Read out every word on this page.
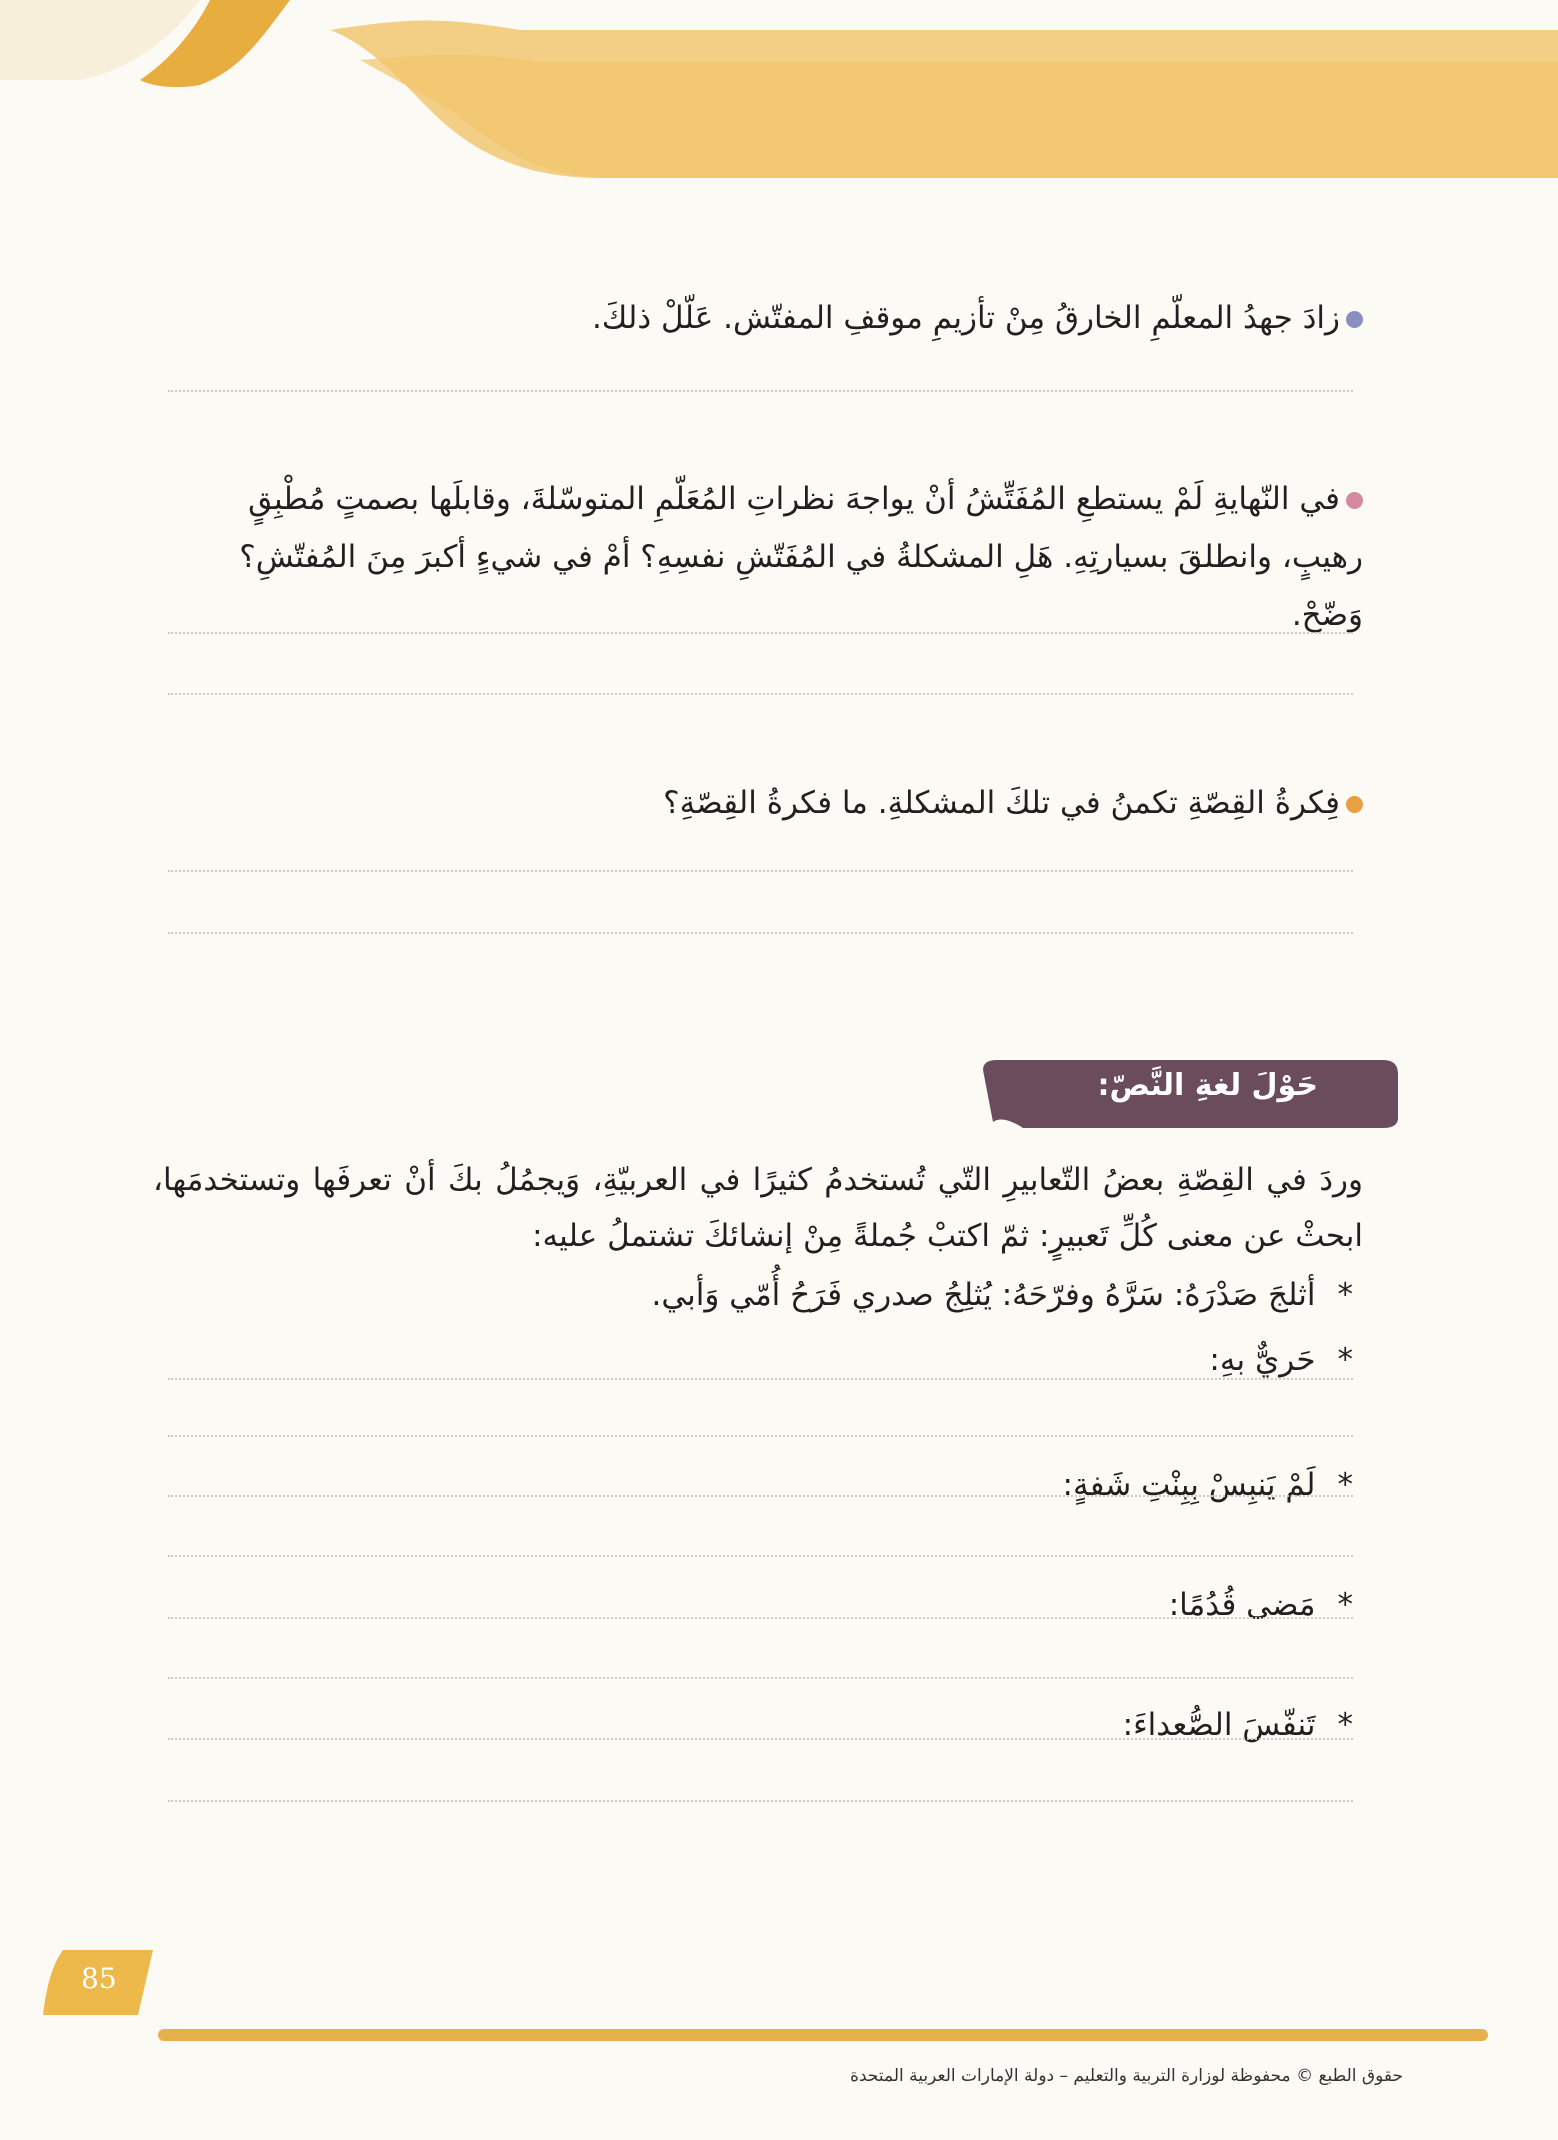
زادَ جهدُ المعلّمِ الخارقُ مِنْ تأزيمِ موقفِ المفتّش. عَلّلْ ذلكَ.
في النّهايةِ لَمْ يستطعِ المُفَتِّشُ أنْ يواجهَ نظراتِ المُعَلّمِ المتوسّلةَ، وقابلَها بصمتٍ مُطْبِقٍ رهيبٍ، وانطلقَ بسيارتِهِ. هَلِ المشكلةُ في المُفَتّشِ نفسِهِ؟ أمْ في شيءٍ أكبرَ مِنَ المُفتّشِ؟ وَضّحْ.
فِكرةُ القِصّةِ تكمنُ في تلكَ المشكلةِ. ما فكرةُ القِصّةِ؟
حَوْلَ لغةِ النَّصّ:
وردَ في القِصّةِ بعضُ التّعابيرِ التّي تُستخدمُ كثيرًا في العربيّةِ، وَيجمُلُ بكَ أنْ تعرفَها وتستخدمَها، ابحثْ عن معنى كُلِّ تَعبيرٍ: ثمّ اكتبْ جُملةً مِنْ إنشائكَ تشتملُ عليه:
*أثلجَ صَدْرَهُ: سَرَّهُ وفرّحَهُ: يُثلِجُ صدري فَرَحُ أُمّي وَأبي.
*حَريٌّ بهِ:
*لَمْ يَنبِسْ بِبِنْتِ شَفةٍ:
*مَضى قُدُمًا:
*تَنفّسَ الصُّعداءَ:
85
حقوق الطبع © محفوظة لوزارة التربية والتعليم – دولة الإمارات العربية المتحدة
